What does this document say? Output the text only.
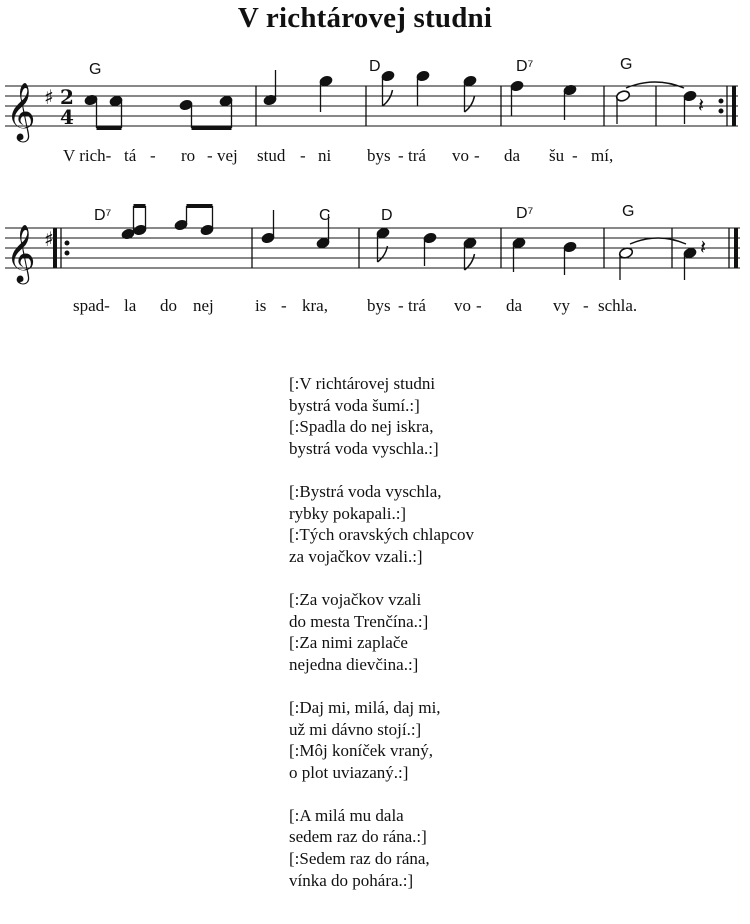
V richtárovej studni
𝄞 ♯ 2
4	𝄽
G	D	D⁷	G
𝄞 ♯	𝄽
D⁷	C	D	D⁷	G
V rich- tá - ro - vej stud - ni bys - trá vo - da šu - mí,
spad- la do nej is - kra, bys - trá vo - da vy - schla.
[:V richtárovej studni
bystrá voda šumí.:]
[:Spadla do nej iskra,
bystrá voda vyschla.:]
[:Bystrá voda vyschla,
rybky pokapali.:]
[:Tých oravských chlapcov
za vojačkov vzali.:]
[:Za vojačkov vzali
do mesta Trenčína.:]
[:Za nimi zaplače
nejedna dievčina.:]
[:Daj mi, milá, daj mi,
už mi dávno stojí.:]
[:Môj koníček vraný,
o plot uviazaný.:]
[:A milá mu dala
sedem raz do rána.:]
[:Sedem raz do rána,
vínka do pohára.:]
